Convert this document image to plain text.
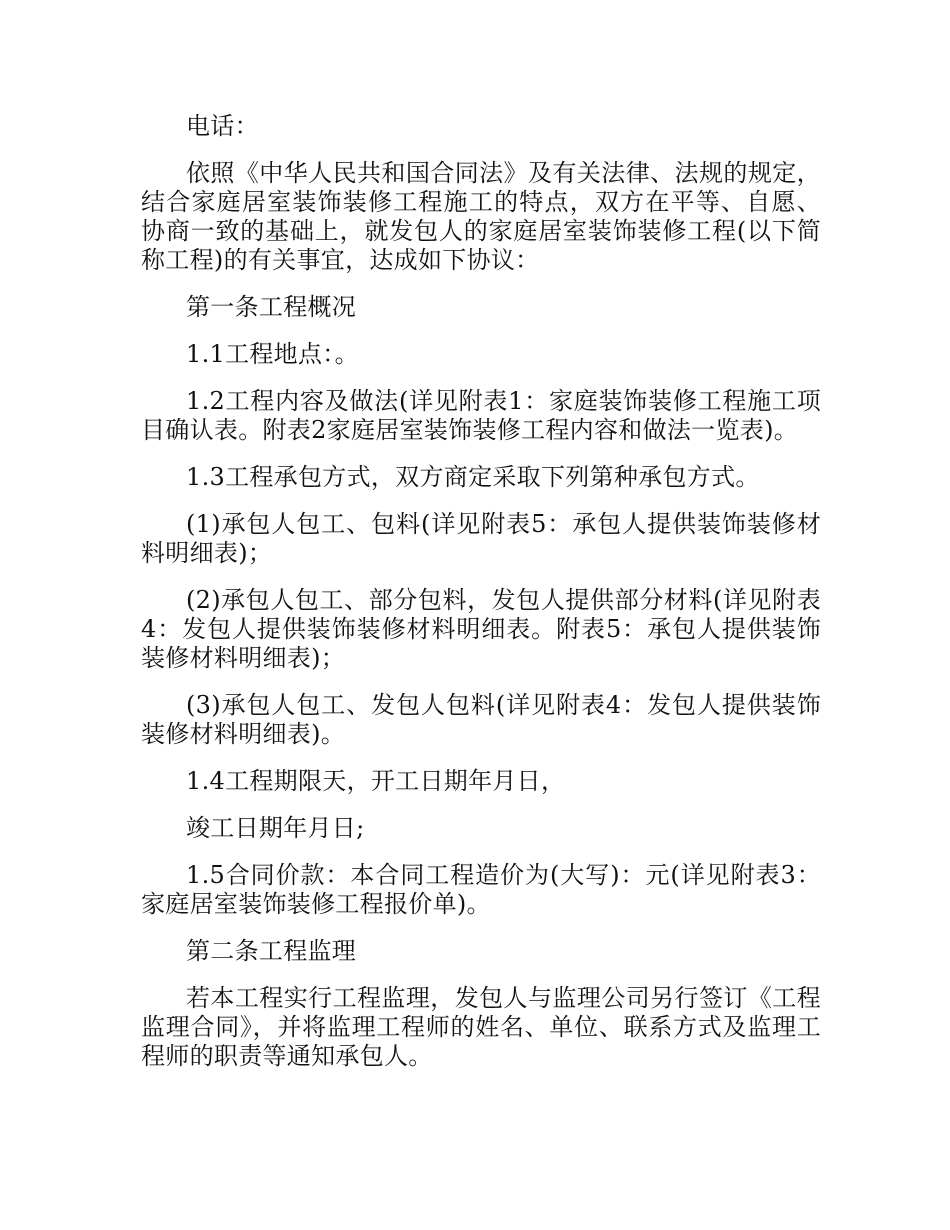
电话：

依照《中华人民共和国合同法》及有关法律、法规的规定，结合家庭居室装饰装修工程施工的特点，双方在平等、自愿、协商一致的基础上，就发包人的家庭居室装饰装修工程(以下简称工程)的有关事宜，达成如下协议：

第一条工程概况

1.1工程地点：。

1.2工程内容及做法(详见附表1：家庭装饰装修工程施工项目确认表。附表2家庭居室装饰装修工程内容和做法一览表)。

1.3工程承包方式，双方商定采取下列第种承包方式。

(1)承包人包工、包料(详见附表5：承包人提供装饰装修材料明细表)；

(2)承包人包工、部分包料，发包人提供部分材料(详见附表4：发包人提供装饰装修材料明细表。附表5：承包人提供装饰装修材料明细表)；

(3)承包人包工、发包人包料(详见附表4：发包人提供装饰装修材料明细表)。

1.4工程期限天，开工日期年月日，

竣工日期年月日;

1.5合同价款：本合同工程造价为(大写)：元(详见附表3：家庭居室装饰装修工程报价单)。

第二条工程监理

若本工程实行工程监理，发包人与监理公司另行签订《工程监理合同》，并将监理工程师的姓名、单位、联系方式及监理工程师的职责等通知承包人。
